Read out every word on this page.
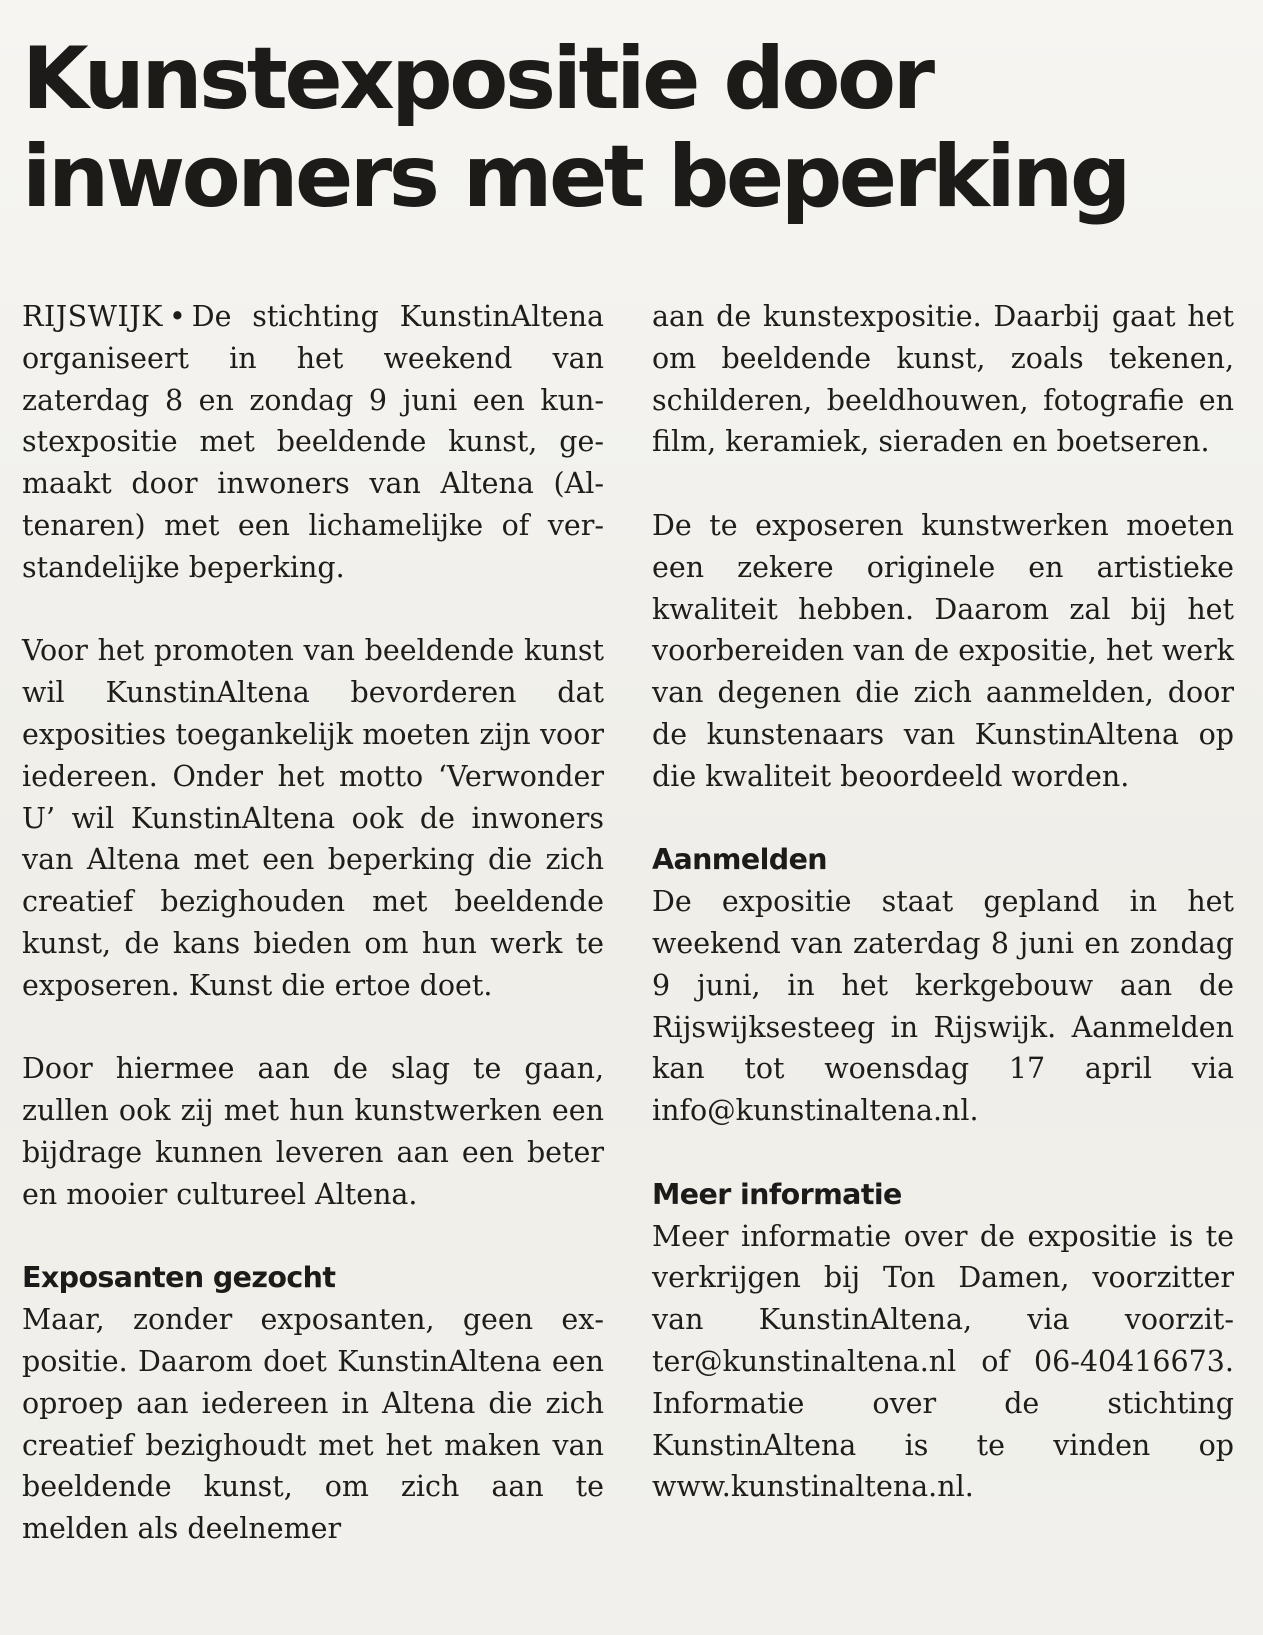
Kunstexpositie door
inwoners met beperking

RIJSWIJK • De stichting KunstinAltena organiseert in het weekend van zaterdag 8 en zondag 9 juni een kunstexpositie met beeldende kunst, gemaakt door inwoners van Altena (Altenaren) met een lichamelijke of verstandelijke beperking.

Voor het promoten van beeldende kunst wil KunstinAltena bevorderen dat exposities toegankelijk moeten zijn voor iedereen. Onder het motto ‘Verwonder U’ wil KunstinAltena ook de inwoners van Altena met een beperking die zich creatief bezighouden met beeldende kunst, de kans bieden om hun werk te exposeren. Kunst die ertoe doet.

Door hiermee aan de slag te gaan, zullen ook zij met hun kunstwerken een bijdrage kunnen leveren aan een beter en mooier cultureel Altena.

Exposanten gezocht

Maar, zonder exposanten, geen expositie. Daarom doet KunstinAltena een oproep aan iedereen in Altena die zich creatief bezighoudt met het maken van beeldende kunst, om zich aan te melden als deelnemer

aan de kunstexpositie. Daarbij gaat het om beeldende kunst, zoals tekenen, schilderen, beeldhouwen, fotografie en film, keramiek, sieraden en boetseren.

De te exposeren kunstwerken moeten een zekere originele en artistieke kwaliteit hebben. Daarom zal bij het voorbereiden van de expositie, het werk van degenen die zich aanmelden, door de kunstenaars van KunstinAltena op die kwaliteit beoordeeld worden.

Aanmelden

De expositie staat gepland in het weekend van zaterdag 8 juni en zondag 9 juni, in het kerkgebouw aan de Rijswijksesteeg in Rijswijk. Aanmelden kan tot woensdag 17 april via info@kunstinaltena.nl.

Meer informatie

Meer informatie over de expositie is te verkrijgen bij Ton Damen, voorzitter van KunstinAltena, via voorzitter@kunstinaltena.nl of 06-40416673. Informatie over de stichting KunstinAltena is te vinden op www.kunstinaltena.nl.
